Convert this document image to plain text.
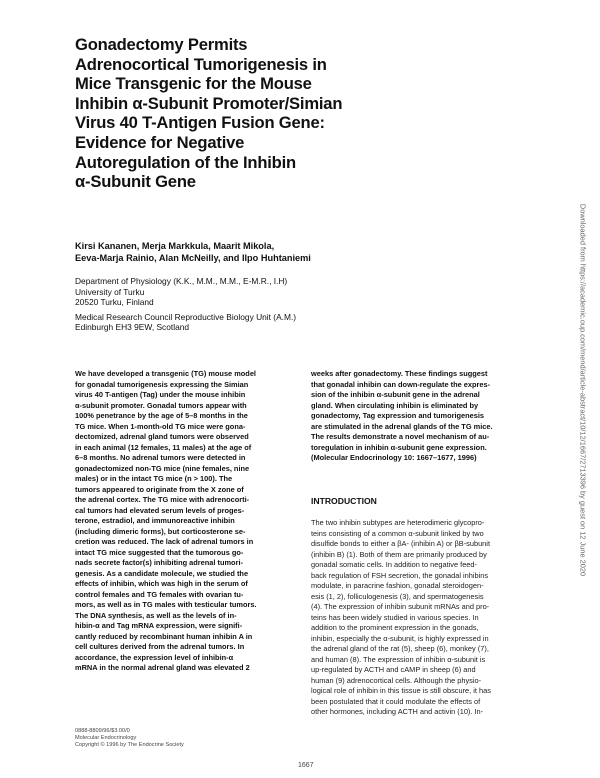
Gonadectomy Permits
Adrenocortical Tumorigenesis in
Mice Transgenic for the Mouse
Inhibin α-Subunit Promoter/Simian
Virus 40 T-Antigen Fusion Gene:
Evidence for Negative
Autoregulation of the Inhibin
α-Subunit Gene
Kirsi Kananen, Merja Markkula, Maarit Mikola,
Eeva-Marja Rainio, Alan McNeilly, and Ilpo Huhtaniemi
Department of Physiology (K.K., M.M., M.M., E-M.R., I.H)
University of Turku
20520 Turku, Finland
Medical Research Council Reproductive Biology Unit (A.M.)
Edinburgh EH3 9EW, Scotland
We have developed a transgenic (TG) mouse model
for gonadal tumorigenesis expressing the Simian
virus 40 T-antigen (Tag) under the mouse inhibin
α-subunit promoter. Gonadal tumors appear with
100% penetrance by the age of 5–8 months in the
TG mice. When 1-month-old TG mice were gona-
dectomized, adrenal gland tumors were observed
in each animal (12 females, 11 males) at the age of
6–8 months. No adrenal tumors were detected in
gonadectomized non-TG mice (nine females, nine
males) or in the intact TG mice (n > 100). The
tumors appeared to originate from the X zone of
the adrenal cortex. The TG mice with adrenocorti-
cal tumors had elevated serum levels of proges-
terone, estradiol, and immunoreactive inhibin
(including dimeric forms), but corticosterone se-
cretion was reduced. The lack of adrenal tumors in
intact TG mice suggested that the tumorous go-
nads secrete factor(s) inhibiting adrenal tumori-
genesis. As a candidate molecule, we studied the
effects of inhibin, which was high in the serum of
control females and TG females with ovarian tu-
mors, as well as in TG males with testicular tumors.
The DNA synthesis, as well as the levels of in-
hibin-α and Tag mRNA expression, were signifi-
cantly reduced by recombinant human inhibin A in
cell cultures derived from the adrenal tumors. In
accordance, the expression level of inhibin-α
mRNA in the normal adrenal gland was elevated 2
weeks after gonadectomy. These findings suggest
that gonadal inhibin can down-regulate the expres-
sion of the inhibin α-subunit gene in the adrenal
gland. When circulating inhibin is eliminated by
gonadectomy, Tag expression and tumorigenesis
are stimulated in the adrenal glands of the TG mice.
The results demonstrate a novel mechanism of au-
toregulation in inhibin α-subunit gene expression.
(Molecular Endocrinology 10: 1667–1677, 1996)
INTRODUCTION
The two inhibin subtypes are heterodimeric glycopro-
teins consisting of a common α-subunit linked by two
disulfide bonds to either a βA- (inhibin A) or βB-subunit
(inhibin B) (1). Both of them are primarily produced by
gonadal somatic cells. In addition to negative feed-
back regulation of FSH secretion, the gonadal inhibins
modulate, in paracrine fashion, gonadal steroidogen-
esis (1, 2), folliculogenesis (3), and spermatogenesis
(4). The expression of inhibin subunit mRNAs and pro-
teins has been widely studied in various species. In
addition to the prominent expression in the gonads,
inhibin, especially the α-subunit, is highly expressed in
the adrenal gland of the rat (5), sheep (6), monkey (7),
and human (8). The expression of inhibin α-subunit is
up-regulated by ACTH and cAMP in sheep (6) and
human (9) adrenocortical cells. Although the physio-
logical role of inhibin in this tissue is still obscure, it has
been postulated that it could modulate the effects of
other hormones, including ACTH and activin (10). In-
0888-8809/96/$3.00/0
Molecular Endocrinology
Copyright © 1996 by The Endocrine Society
1667
Downloaded from https://academic.oup.com/mend/article-abstract/10/12/1667/2713396 by guest on 12 June 2020
